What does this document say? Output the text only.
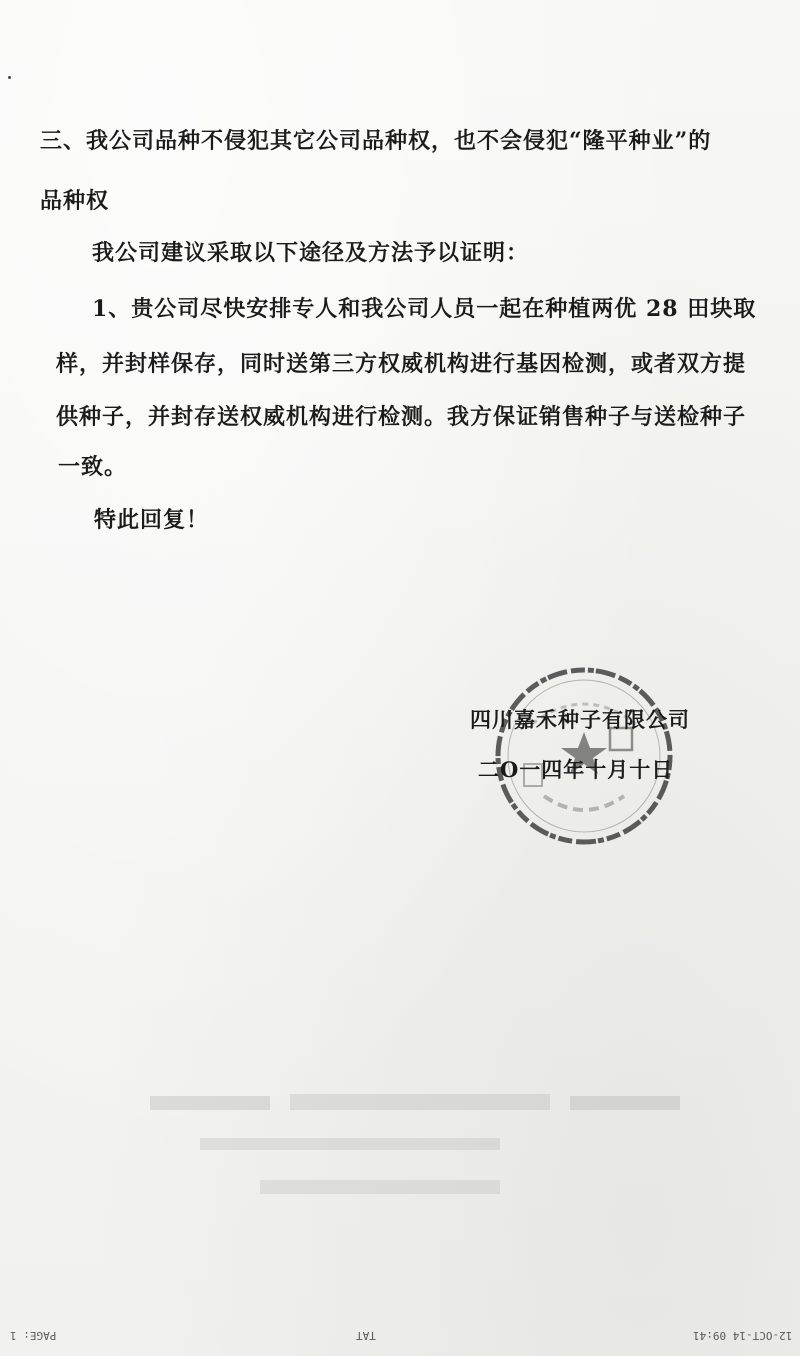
三、我公司品种不侵犯其它公司品种权，也不会侵犯“隆平种业”的
品种权
我公司建议采取以下途径及方法予以证明：
1、贵公司尽快安排专人和我公司人员一起在种植两优 28 田块取
样，并封样保存，同时送第三方权威机构进行基因检测，或者双方提
供种子，并封存送权威机构进行检测。我方保证销售种子与送检种子
一致。
特此回复！
四川嘉禾种子有限公司
二O一四年十月十日
PAGE: 1	TAT	12-OCT-14 09:41
